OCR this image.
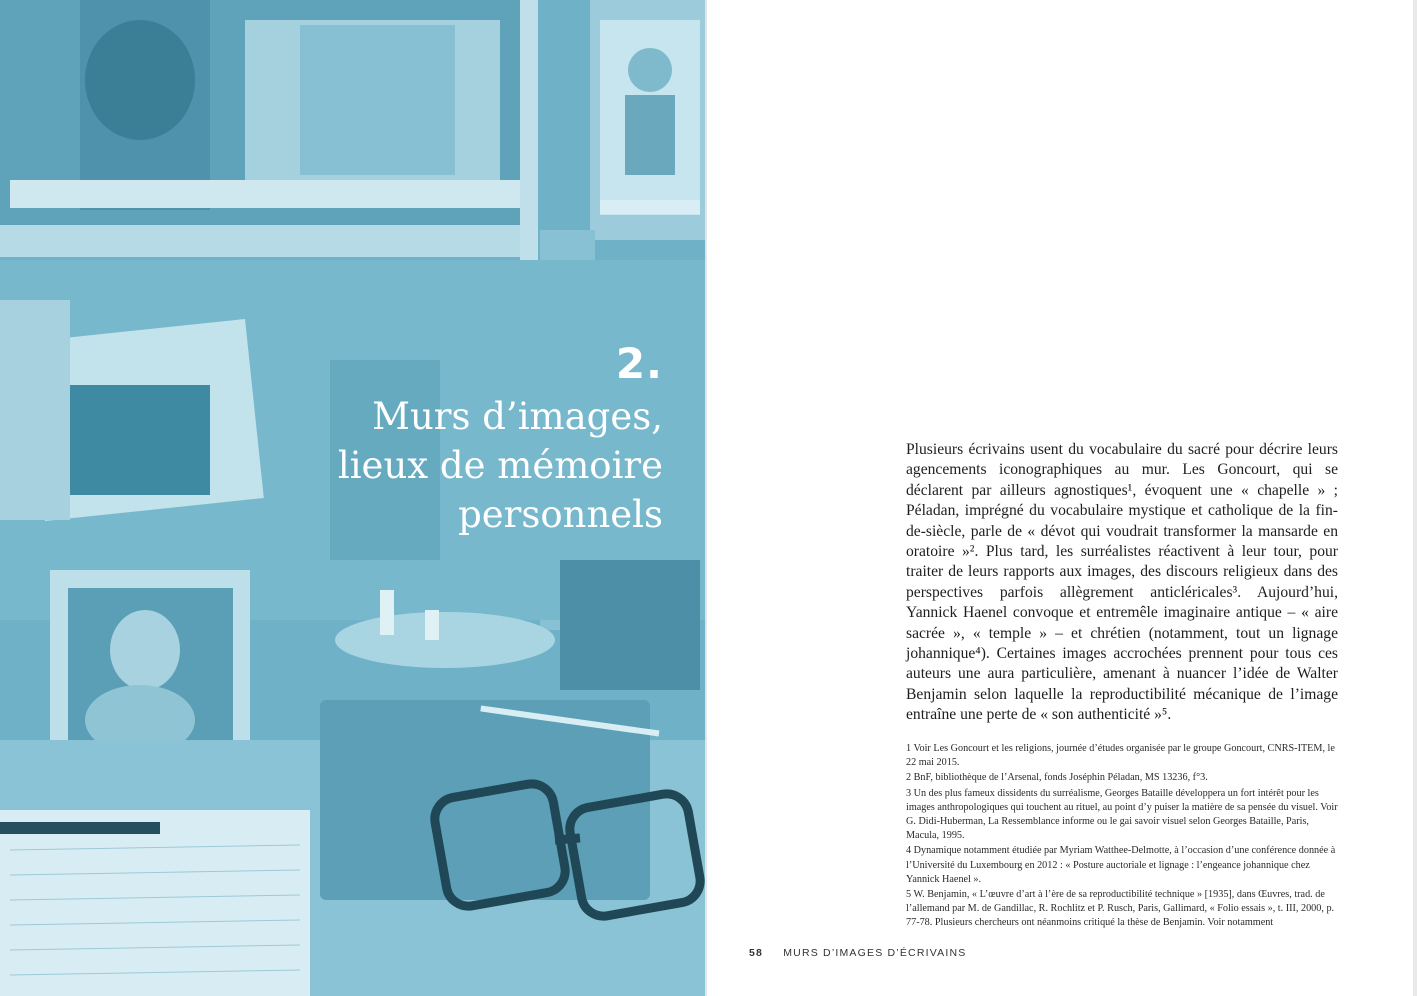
2.
Murs d’images,
lieux de mémoire
personnels

Plusieurs écrivains usent du vocabulaire du sacré pour décrire leurs agencements iconographiques au mur. Les Goncourt, qui se déclarent par ailleurs agnostiques¹, évoquent une « chapelle » ; Péladan, imprégné du vocabulaire mystique et catholique de la fin-de-siècle, parle de « dévot qui voudrait transformer la mansarde en oratoire »². Plus tard, les surréalistes réactivent à leur tour, pour traiter de leurs rapports aux images, des discours religieux dans des perspectives parfois allègrement anticléricales³. Aujourd’hui, Yannick Haenel convoque et entremêle imaginaire antique – « aire sacrée », « temple » – et chrétien (notamment, tout un lignage johannique⁴). Certaines images accrochées prennent pour tous ces auteurs une aura particulière, amenant à nuancer l’idée de Walter Benjamin selon laquelle la reproductibilité mécanique de l’image entraîne une perte de « son authenticité »⁵.

1 Voir Les Goncourt et les religions, journée d’études organisée par le groupe Goncourt, CNRS-ITEM, le 22 mai 2015.

2 BnF, bibliothèque de l’Arsenal, fonds Joséphin Péladan, MS 13236, f°3.

3 Un des plus fameux dissidents du surréalisme, Georges Bataille développera un fort intérêt pour les images anthropologiques qui touchent au rituel, au point d’y puiser la matière de sa pensée du visuel. Voir G. Didi-Huberman, La Ressemblance informe ou le gai savoir visuel selon Georges Bataille, Paris, Macula, 1995.

4 Dynamique notamment étudiée par Myriam Watthee-Delmotte, à l’occasion d’une conférence donnée à l’Université du Luxembourg en 2012 : « Posture auctoriale et lignage : l’engeance johannique chez Yannick Haenel ».

5 W. Benjamin, « L’œuvre d’art à l’ère de sa reproductibilité technique » [1935], dans Œuvres, trad. de l’allemand par M. de Gandillac, R. Rochlitz et P. Rusch, Paris, Gallimard, « Folio essais », t. III, 2000, p. 77-78. Plusieurs chercheurs ont néanmoins critiqué la thèse de Benjamin. Voir notamment

58 MURS D’IMAGES D’ÉCRIVAINS
